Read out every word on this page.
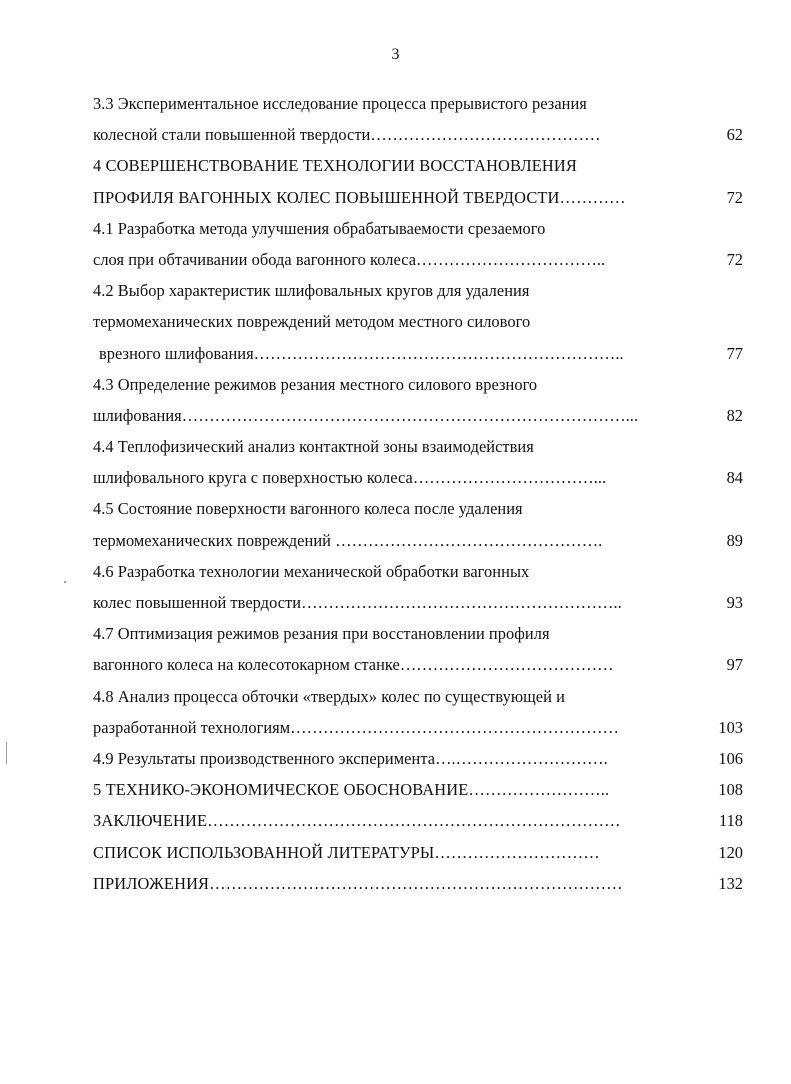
3
3.3 Экспериментальное исследование процесса прерывистого резания
колесной стали повышенной твердости……………………………………	62
4 СОВЕРШЕНСТВОВАНИЕ ТЕХНОЛОГИИ ВОССТАНОВЛЕНИЯ
ПРОФИЛЯ ВАГОННЫХ КОЛЕС ПОВЫШЕННОЙ ТВЕРДОСТИ…………	72
4.1 Разработка метода улучшения обрабатываемости срезаемого
слоя при обтачивании обода вагонного колеса……………………………..	72
4.2 Выбор характеристик шлифовальных кругов для удаления
термомеханических повреждений методом местного силового
врезного шлифования…………………………………………………………..	77
4.3 Определение режимов резания местного силового врезного
шлифования………………………………………………………………………...	82
4.4 Теплофизический анализ контактной зоны взаимодействия
шлифовального круга с поверхностью колеса……………………………...	84
4.5 Состояние поверхности вагонного колеса после удаления
термомеханических повреждений ………………………………………….	89
4.6 Разработка технологии механической обработки вагонных
колес повышенной твердости…………………………………………………..	93
4.7 Оптимизация режимов резания при восстановлении профиля
вагонного колеса на колесотокарном станке…………………………………	97
4.8 Анализ процесса обточки «твердых» колес по существующей и
разработанной технологиям……………………………………………………	103
4.9 Результаты производственного эксперимента….……………………….	106
5 ТЕХНИКО-ЭКОНОМИЧЕСКОЕ ОБОСНОВАНИЕ……………………..	108
ЗАКЛЮЧЕНИЕ…………………………………………………………………	118
СПИСОК ИСПОЛЬЗОВАННОЙ ЛИТЕРАТУРЫ…………………………	120
ПРИЛОЖЕНИЯ…………………………………………………………………	132
